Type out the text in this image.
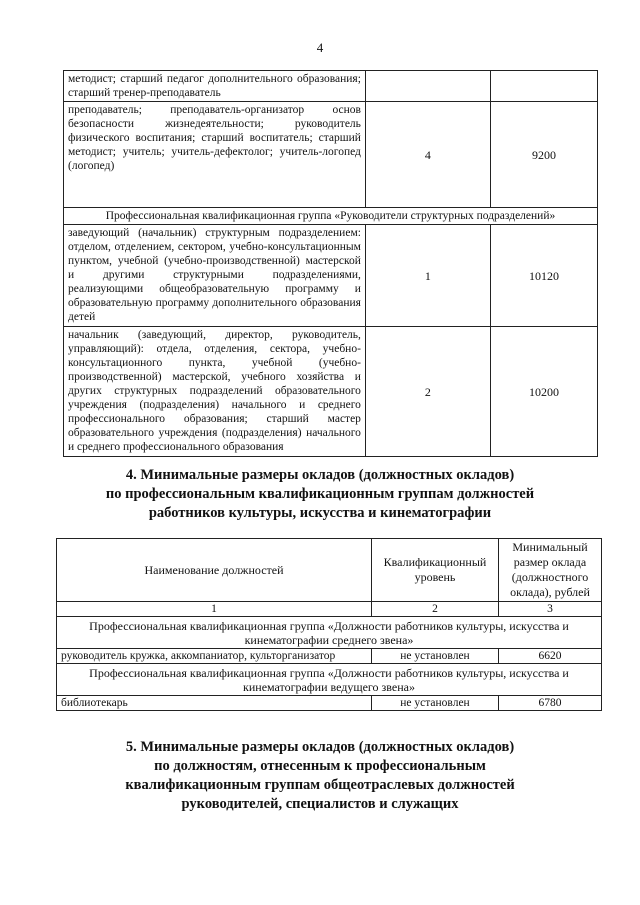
4
методист; старший педагог дополнительного образования; старший тренер-преподаватель		
преподаватель; преподаватель-организатор основ безопасности жизнедеятельности; руководитель физического воспитания; старший воспитатель; старший методист; учитель; учитель-дефектолог; учитель-логопед (логопед)	4	9200
Профессиональная квалификационная группа «Руководители структурных подразделений»		
заведующий (начальник) структурным подразделением: отделом, отделением, сектором, учебно-консультационным пунктом, учебной (учебно-производственной) мастерской и другими структурными подразделениями, реализующими общеобразовательную программу и образовательную программу дополнительного образования детей	1	10120
начальник (заведующий, директор, руководитель, управляющий): отдела, отделения, сектора, учебно-консультационного пункта, учебной (учебно-производственной) мастерской, учебного хозяйства и других структурных подразделений образовательного учреждения (подразделения) начального и среднего профессионального образования; старший мастер образовательного учреждения (подразделения) начального и среднего профессионального образования	2	10200
4. Минимальные размеры окладов (должностных окладов)
по профессиональным квалификационным группам должностей
работников культуры, искусства и кинематографии
Наименование должностей	Квалификационный уровень	Минимальный размер оклада (должностного оклада), рублей
1	2	3
Профессиональная квалификационная группа «Должности работников культуры, искусства и кинематографии среднего звена»		
руководитель кружка, аккомпаниатор, культорганизатор	не установлен	6620
Профессиональная квалификационная группа «Должности работников культуры, искусства и кинематографии ведущего звена»		
библиотекарь	не установлен	6780
5. Минимальные размеры окладов (должностных окладов)
по должностям, отнесенным к профессиональным
квалификационным группам общеотраслевых должностей
руководителей, специалистов и служащих
